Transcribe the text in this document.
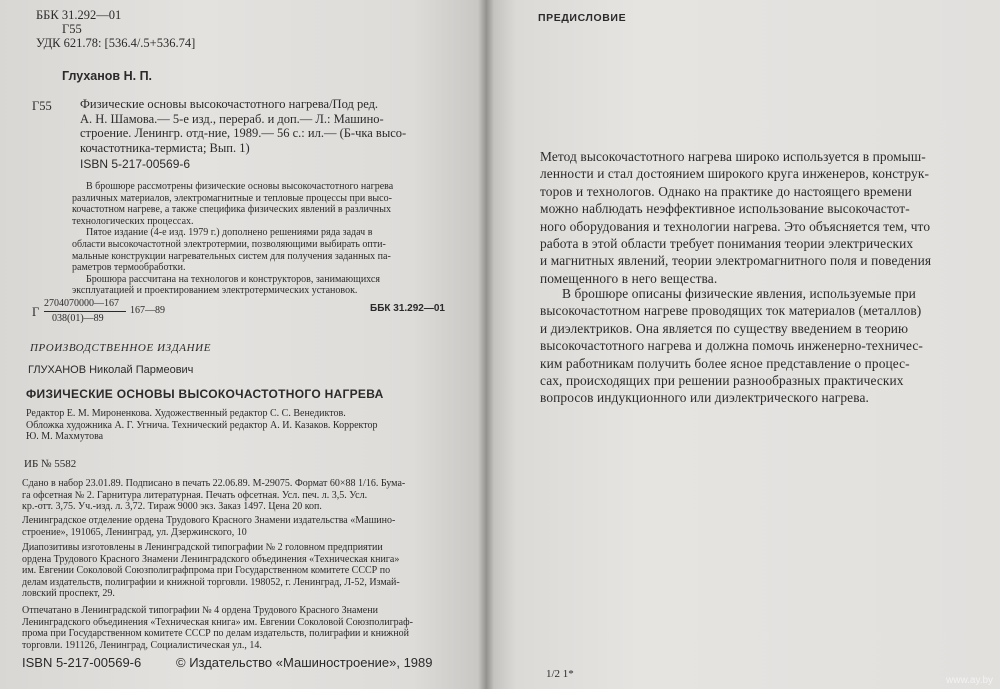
ББК 31.292—01
Г55
УДК 621.78: [536.4/.5+536.74]
Глуханов Н. П.
Г55 Физические основы высокочастотного нагрева/Под ред.
А. Н. Шамова.— 5-е изд., перераб. и доп.— Л.: Машино-
строение. Ленингр. отд-ние, 1989.— 56 с.: ил.— (Б-чка высо-
кочастотника-термиста; Вып. 1)
ISBN 5-217-00569-6
В брошюре рассмотрены физические основы высокочастотного нагрева
различных материалов, электромагнитные и тепловые процессы при высо-
кочастотном нагреве, а также специфика физических явлений в различных
технологических процессах.
Пятое издание (4-е изд. 1979 г.) дополнено решениями ряда задач в
области высокочастотной электротермии, позволяющими выбирать опти-
мальные конструкции нагревательных систем для получения заданных па-
раметров термообработки.
Брошюра рассчитана на технологов и конструкторов, занимающихся
эксплуатацией и проектированием электротермических установок.
Г
2704070000—167
038(01)—89
167—89	ББК 31.292—01
ПРОИЗВОДСТВЕННОЕ ИЗДАНИЕ
ГЛУХАНОВ Николай Пармеович
ФИЗИЧЕСКИЕ ОСНОВЫ ВЫСОКОЧАСТОТНОГО НАГРЕВА
Редактор Е. М. Мироненкова. Художественный редактор С. С. Венедиктов.
Обложка художника А. Г. Угнича. Технический редактор А. И. Казаков. Корректор
Ю. М. Махмутова
ИБ № 5582
Сдано в набор 23.01.89. Подписано в печать 22.06.89. М-29075. Формат 60×88 1/16. Бума-
га офсетная № 2. Гарнитура литературная. Печать офсетная. Усл. печ. л. 3,5. Усл.
кр.-отт. 3,75. Уч.-изд. л. 3,72. Тираж 9000 экз. Заказ 1497. Цена 20 коп.
Ленинградское отделение ордена Трудового Красного Знамени издательства «Машино-
строение», 191065, Ленинград, ул. Дзержинского, 10
Диапозитивы изготовлены в Ленинградской типографии № 2 головном предприятии
ордена Трудового Красного Знамени Ленинградского объединения «Техническая книга»
им. Евгении Соколовой Союзполиграфпрома при Государственном комитете СССР по
делам издательств, полиграфии и книжной торговли. 198052, г. Ленинград, Л-52, Измай-
ловский проспект, 29.
Отпечатано в Ленинградской типографии № 4 ордена Трудового Красного Знамени
Ленинградского объединения «Техническая книга» им. Евгении Соколовой Союзполиграф-
прома при Государственном комитете СССР по делам издательств, полиграфии и книжной
торговли. 191126, Ленинград, Социалистическая ул., 14.
ISBN 5-217-00569-6	© Издательство «Машиностроение», 1989
ПРЕДИСЛОВИЕ
Метод высокочастотного нагрева широко используется в промыш-
ленности и стал достоянием широкого круга инженеров, конструк-
торов и технологов. Однако на практике до настоящего времени
можно наблюдать неэффективное использование высокочастот-
ного оборудования и технологии нагрева. Это объясняется тем, что
работа в этой области требует понимания теории электрических
и магнитных явлений, теории электромагнитного поля и поведения
помещенного в него вещества.
В брошюре описаны физические явления, используемые при
высокочастотном нагреве проводящих ток материалов (металлов)
и диэлектриков. Она является по существу введением в теорию
высокочастотного нагрева и должна помочь инженерно-техничес-
ким работникам получить более ясное представление о процес-
сах, происходящих при решении разнообразных практических
вопросов индукционного или диэлектрического нагрева.
1/2 1*
www.ay.by
